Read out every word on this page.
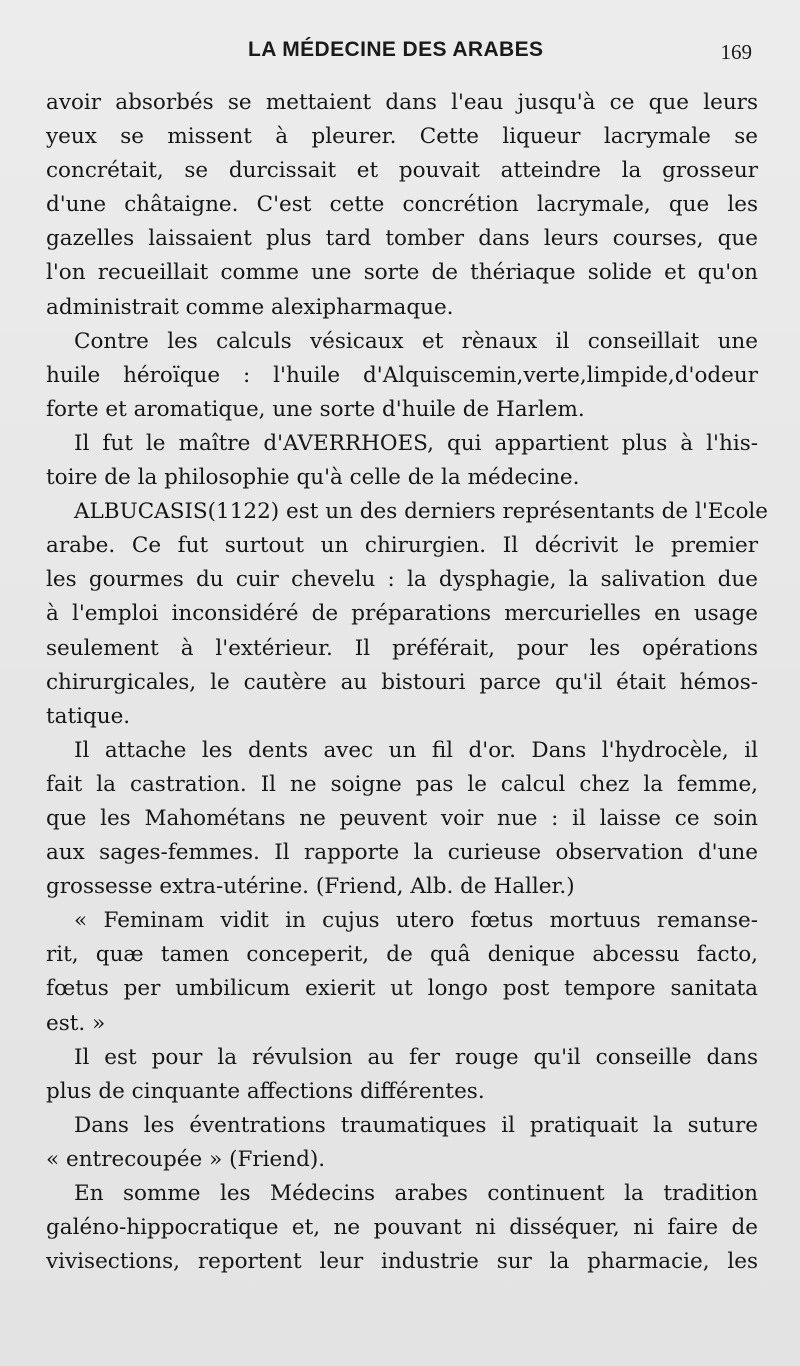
LA MÉDECINE DES ARABES	169
avoir absorbés se mettaient dans l'eau jusqu'à ce que leurs
yeux se missent à pleurer. Cette liqueur lacrymale se
concrétait, se durcissait et pouvait atteindre la grosseur
d'une châtaigne. C'est cette concrétion lacrymale, que les
gazelles laissaient plus tard tomber dans leurs courses, que
l'on recueillait comme une sorte de thériaque solide et qu'on
administrait comme alexipharmaque.
Contre les calculs vésicaux et rènaux il conseillait une
huile héroïque : l'huile d'Alquiscemin,verte,limpide,d'odeur
forte et aromatique, une sorte d'huile de Harlem.
Il fut le maître d'AVERRHOES, qui appartient plus à l'his-
toire de la philosophie qu'à celle de la médecine.
ALBUCASIS(1122) est un des derniers représentants de l'Ecole
arabe. Ce fut surtout un chirurgien. Il décrivit le premier
les gourmes du cuir chevelu : la dysphagie, la salivation due
à l'emploi inconsidéré de préparations mercurielles en usage
seulement à l'extérieur. Il préférait, pour les opérations
chirurgicales, le cautère au bistouri parce qu'il était hémos-
tatique.
Il attache les dents avec un fil d'or. Dans l'hydrocèle, il
fait la castration. Il ne soigne pas le calcul chez la femme,
que les Mahométans ne peuvent voir nue : il laisse ce soin
aux sages-femmes. Il rapporte la curieuse observation d'une
grossesse extra-utérine. (Friend, Alb. de Haller.)
« Feminam vidit in cujus utero fœtus mortuus remanse-
rit, quæ tamen conceperit, de quâ denique abcessu facto,
fœtus per umbilicum exierit ut longo post tempore sanitata
est. »
Il est pour la révulsion au fer rouge qu'il conseille dans
plus de cinquante affections différentes.
Dans les éventrations traumatiques il pratiquait la suture
« entrecoupée » (Friend).
En somme les Médecins arabes continuent la tradition
galéno-hippocratique et, ne pouvant ni disséquer, ni faire de
vivisections, reportent leur industrie sur la pharmacie, les
